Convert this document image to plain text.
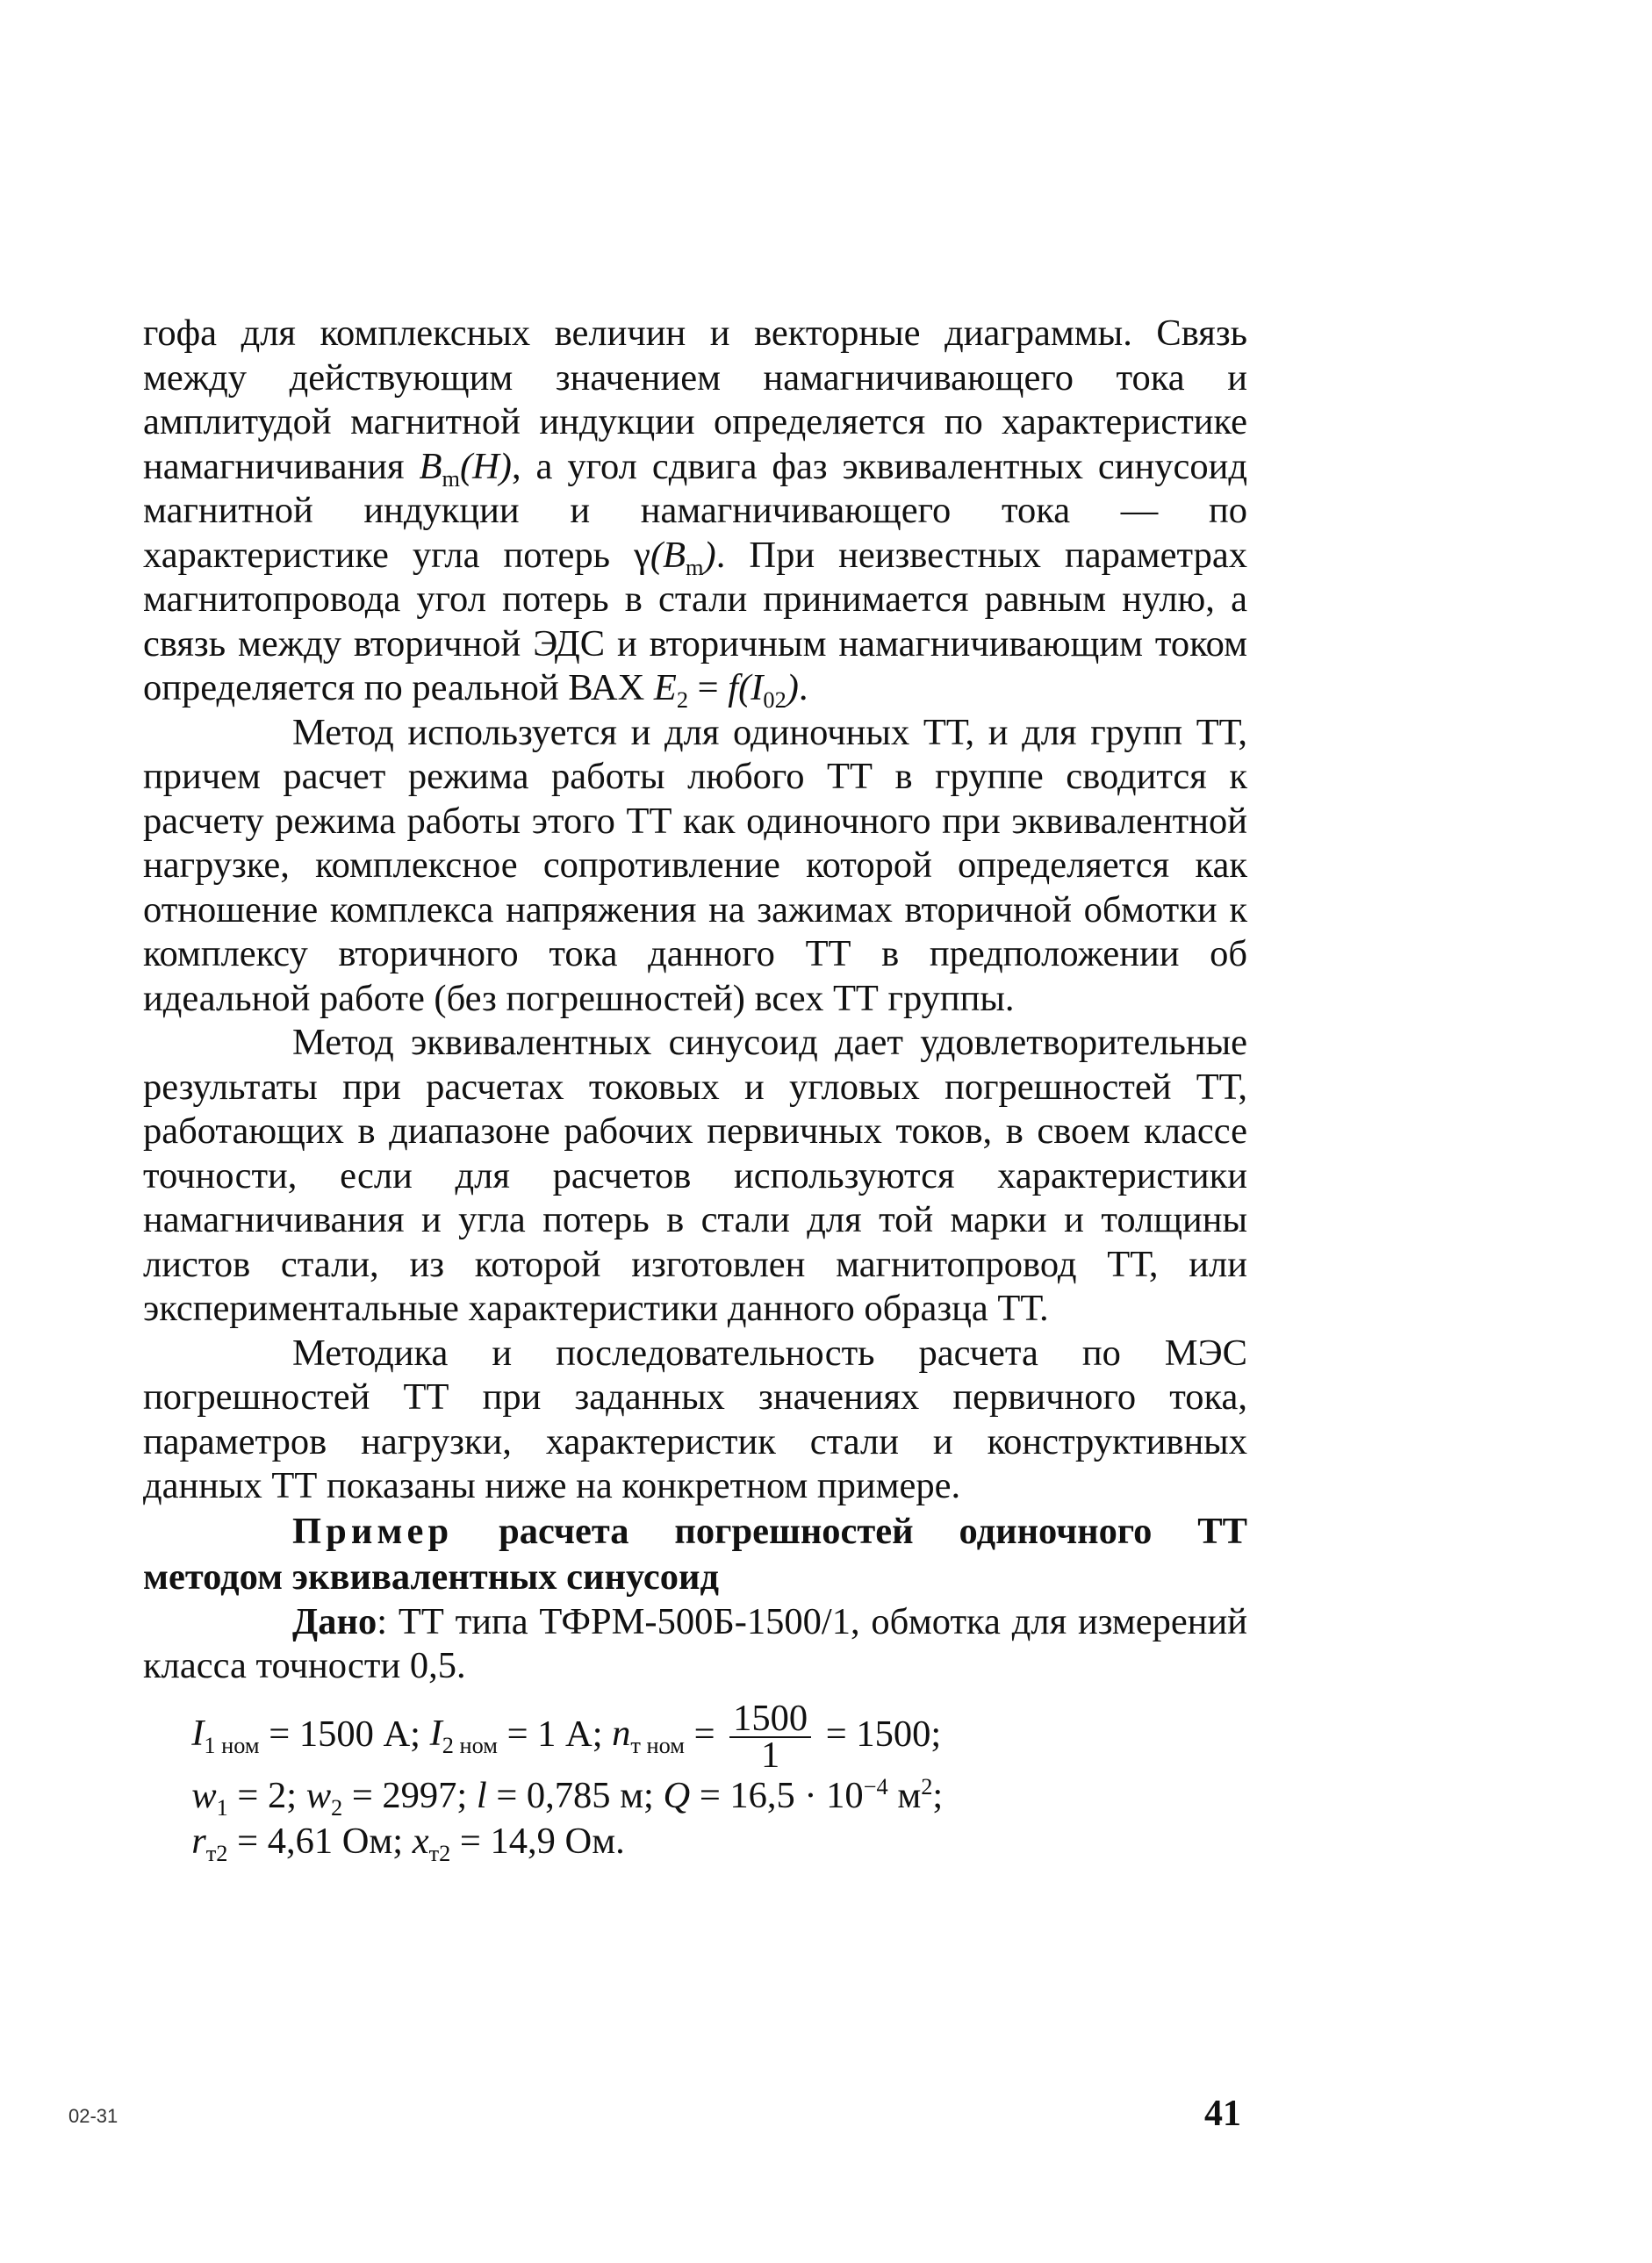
гофа для комплексных величин и векторные диаграммы. Связь между действующим значением намагничивающего тока и амплитудой магнитной индукции определяется по характеристике намагничивания $B_m(H)$, а угол сдвига фаз эквивалентных синусоид магнитной индукции и намагничивающего тока — по характеристике угла потерь $\gamma(B_m)$. При неизвестных параметрах магнитопровода угол потерь в стали принимается равным нулю, а связь между вторичной ЭДС и вторичным намагничивающим током определяется по реальной ВАХ $E_2 = f(I_{02})$.

Метод используется и для одиночных ТТ, и для групп ТТ, причем расчет режима работы любого ТТ в группе сводится к расчету режима работы этого ТТ как одиночного при эквивалентной нагрузке, комплексное сопротивление которой определяется как отношение комплекса напряжения на зажимах вторичной обмотки к комплексу вторичного тока данного ТТ в предположении об идеальной работе (без погрешностей) всех ТТ группы.

Метод эквивалентных синусоид дает удовлетворительные результаты при расчетах токовых и угловых погрешностей ТТ, работающих в диапазоне рабочих первичных токов, в своем классе точности, если для расчетов используются характеристики намагничивания и угла потерь в стали для той марки и толщины листов стали, из которой изготовлен магнитопровод ТТ, или экспериментальные характеристики данного образца ТТ.

Методика и последовательность расчета по МЭС погрешностей ТТ при заданных значениях первичного тока, параметров нагрузки, характеристик стали и конструктивных данных ТТ показаны ниже на конкретном примере.

Пример расчета погрешностей одиночного ТТ методом эквивалентных синусоид

Дано: ТТ типа ТФРМ-500Б-1500/1, обмотка для измерений класса точности 0,5.

$I_{1 ном} = 1500$ А; $I_{2 ном} = 1$ А; $n_{т ном} = \frac{1500}{1} = 1500$;
$w_1 = 2$; $w_2 = 2997$; l = 0,785 м; $Q = 16,5 \cdot 10^{-4}$ $м^2$;
$r_{т2} = 4,61$ Ом; $x_{т2} = 14,9$ Ом.
02-31	41
